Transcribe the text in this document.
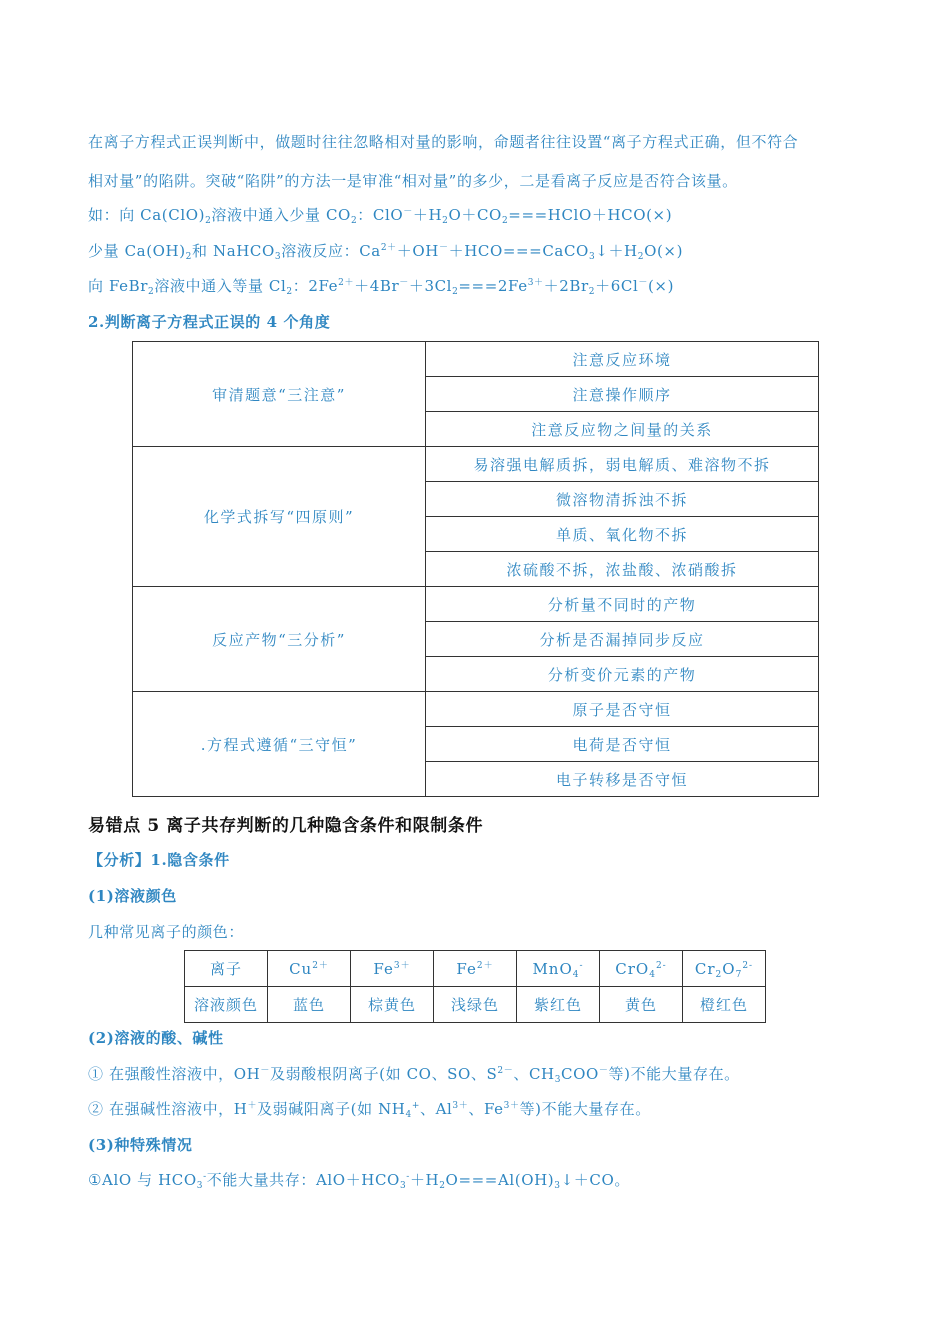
在离子方程式正误判断中，做题时往往忽略相对量的影响，命题者往往设置“离子方程式正确，但不符合
相对量”的陷阱。突破“陷阱”的方法一是审准“相对量”的多少，二是看离子反应是否符合该量。
如：向 $Ca(ClO)_2$溶液中通入少量 $CO_2$：$ClO^-+H_2O+CO_2===HClO+HCO(\times)$
少量 $Ca(OH)_2$和 NaHCO$_3$溶液反应：$Ca^{2+}+OH^-+HCO===CaCO_3↓+H_2O(\times)$
向 FeBr$_2$溶液中通入等量 $Cl_2$：$2Fe^{2+}+4Br^-+3Cl_2===2Fe^{3+}+2Br_2+6Cl^-(\times)$
2.判断离子方程式正误的 4 个角度
审清题意“三注意”	注意反应环境
	注意操作顺序
	注意反应物之间量的关系
化学式拆写“四原则”	易溶强电解质拆，弱电解质、难溶物不拆
	微溶物清拆浊不拆
	单质、氧化物不拆
	浓硫酸不拆，浓盐酸、浓硝酸拆
反应产物“三分析”	分析量不同时的产物
	分析是否漏掉同步反应
	分析变价元素的产物
.方程式遵循“三守恒”	原子是否守恒
	电荷是否守恒
	电子转移是否守恒
易错点 5 离子共存判断的几种隐含条件和限制条件
【分析】1.隐含条件
(1)溶液颜色
几种常见离子的颜色：
离子	$Cu^{2+}$	$Fe^{3+}$	$Fe^{2+}$	MnO$_4$-	CrO$_4^{2-}$	$Cr_2O_7^{2-}$
溶液颜色	蓝色	棕黄色	浅绿色	紫红色	黄色	橙红色
(2)溶液的酸、碱性
① 在强酸性溶液中，OH－及弱酸根阴离子(如 CO、SO、$S^{2-}$、$CH_3COO^-$等)不能大量存在。
② 在强碱性溶液中，H＋及弱碱阳离子(如 $NH_4^+$、$Al^{3+}$、$Fe^{3+}$等)不能大量存在。
(3)种特殊情况
①AlO 与 $HCO_3^-$不能大量共存：$AlO+HCO_3^-+H_2O===Al(OH)_3↓+CO$。
